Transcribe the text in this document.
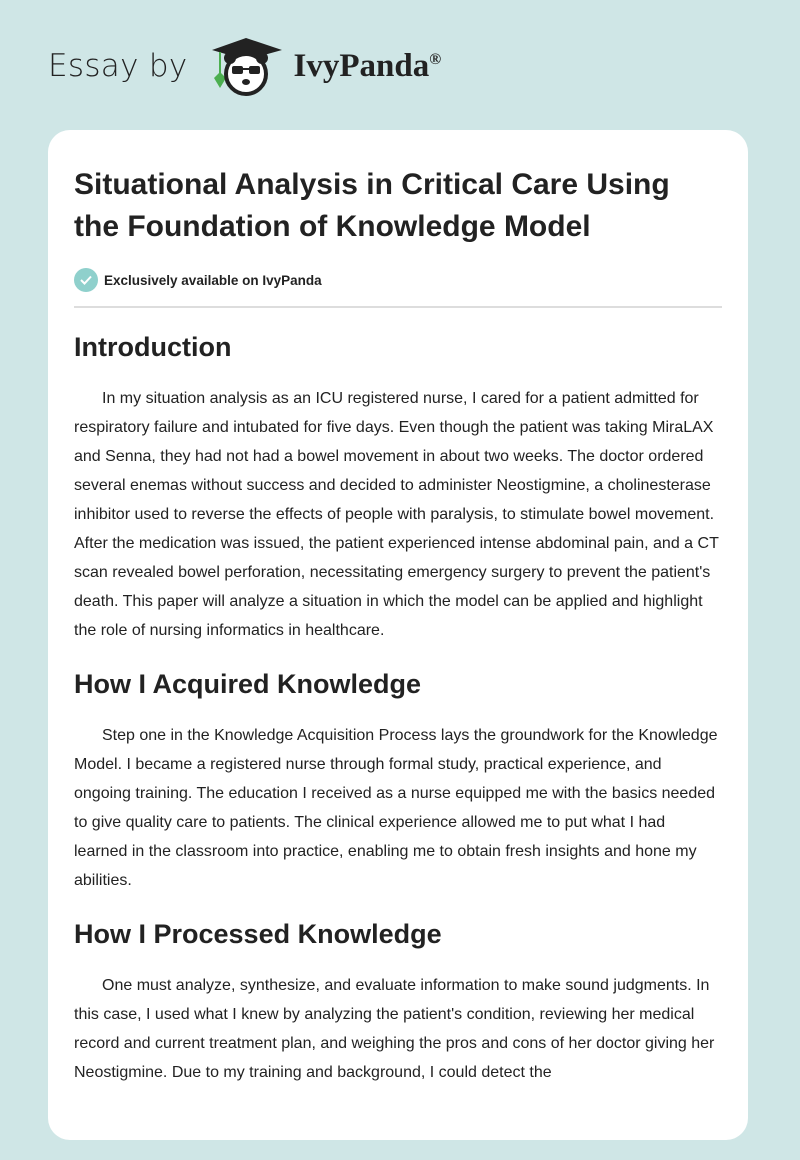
Essay by	IvyPanda®
Situational Analysis in Critical Care Using the Foundation of Knowledge Model
Exclusively available on IvyPanda
Introduction

In my situation analysis as an ICU registered nurse, I cared for a patient admitted for respiratory failure and intubated for five days. Even though the patient was taking MiraLAX and Senna, they had not had a bowel movement in about two weeks. The doctor ordered several enemas without success and decided to administer Neostigmine, a cholinesterase inhibitor used to reverse the effects of people with paralysis, to stimulate bowel movement. After the medication was issued, the patient experienced intense abdominal pain, and a CT scan revealed bowel perforation, necessitating emergency surgery to prevent the patient's death. This paper will analyze a situation in which the model can be applied and highlight the role of nursing informatics in healthcare.

How I Acquired Knowledge

Step one in the Knowledge Acquisition Process lays the groundwork for the Knowledge Model. I became a registered nurse through formal study, practical experience, and ongoing training. The education I received as a nurse equipped me with the basics needed to give quality care to patients. The clinical experience allowed me to put what I had learned in the classroom into practice, enabling me to obtain fresh insights and hone my abilities.

How I Processed Knowledge

One must analyze, synthesize, and evaluate information to make sound judgments. In this case, I used what I knew by analyzing the patient's condition, reviewing her medical record and current treatment plan, and weighing the pros and cons of her doctor giving her Neostigmine. Due to my training and background, I could detect the
